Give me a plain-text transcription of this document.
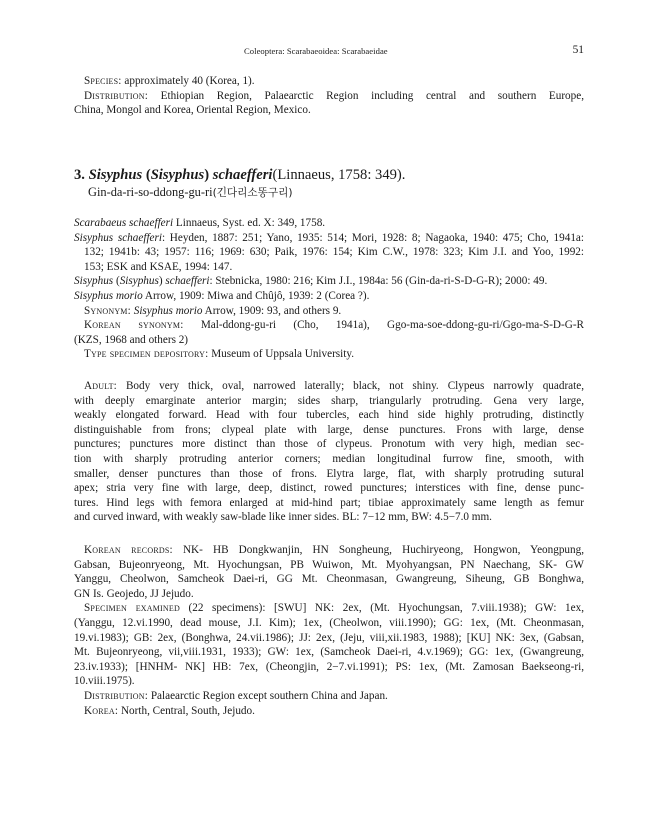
Coleoptera: Scarabaeoidea: Scarabaeidae	51
Species: approximately 40 (Korea, 1).
Distribution: Ethiopian Region, Palaearctic Region including central and southern Europe,
China, Mongol and Korea, Oriental Region, Mexico.
3. Sisyphus (Sisyphus) schaefferi(Linnaeus, 1758: 349).
Gin-da-ri-so-ddong-gu-ri(긴다리소똥구리)
Scarabaeus schaefferi Linnaeus, Syst. ed. X: 349, 1758.
Sisyphus schaefferi: Heyden, 1887: 251; Yano, 1935: 514; Mori, 1928: 8; Nagaoka, 1940: 475; Cho, 1941a:
132; 1941b: 43; 1957: 116; 1969: 630; Paik, 1976: 154; Kim C.W., 1978: 323; Kim J.I. and Yoo, 1992:
153; ESK and KSAE, 1994: 147.
Sisyphus (Sisyphus) schaefferi: Stebnicka, 1980: 216; Kim J.I., 1984a: 56 (Gin-da-ri-S-D-G-R); 2000: 49.
Sisyphus morio Arrow, 1909: Miwa and Chûjô, 1939: 2 (Corea ?).
Synonym: Sisyphus morio Arrow, 1909: 93, and others 9.
Korean synonym: Mal-ddong-gu-ri (Cho, 1941a), Ggo-ma-soe-ddong-gu-ri/Ggo-ma-S-D-G-R
(KZS, 1968 and others 2)
Type specimen depository: Museum of Uppsala University.
Adult: Body very thick, oval, narrowed laterally; black, not shiny. Clypeus narrowly quadrate,
with deeply emarginate anterior margin; sides sharp, triangularly protruding. Gena very large,
weakly elongated forward. Head with four tubercles, each hind side highly protruding, distinctly
distinguishable from frons; clypeal plate with large, dense punctures. Frons with large, dense
punctures; punctures more distinct than those of clypeus. Pronotum with very high, median sec-
tion with sharply protruding anterior corners; median longitudinal furrow fine, smooth, with
smaller, denser punctures than those of frons. Elytra large, flat, with sharply protruding sutural
apex; stria very fine with large, deep, distinct, rowed punctures; interstices with fine, dense punc-
tures. Hind legs with femora enlarged at mid-hind part; tibiae approximately same length as femur
and curved inward, with weakly saw-blade like inner sides. BL: 7−12 mm, BW: 4.5−7.0 mm.
Korean records: NK- HB Dongkwanjin, HN Songheung, Huchiryeong, Hongwon, Yeongpung,
Gabsan, Bujeonryeong, Mt. Hyochungsan, PB Wuiwon, Mt. Myohyangsan, PN Naechang, SK- GW
Yanggu, Cheolwon, Samcheok Daei-ri, GG Mt. Cheonmasan, Gwangreung, Siheung, GB Bonghwa,
GN Is. Geojedo, JJ Jejudo.
Specimen examined (22 specimens): [SWU] NK: 2ex, (Mt. Hyochungsan, 7.viii.1938); GW: 1ex,
(Yanggu, 12.vi.1990, dead mouse, J.I. Kim); 1ex, (Cheolwon, viii.1990); GG: 1ex, (Mt. Cheonmasan,
19.vi.1983); GB: 2ex, (Bonghwa, 24.vii.1986); JJ: 2ex, (Jeju, viii,xii.1983, 1988); [KU] NK: 3ex, (Gabsan,
Mt. Bujeonryeong, vii,viii.1931, 1933); GW: 1ex, (Samcheok Daei-ri, 4.v.1969); GG: 1ex, (Gwangreung,
23.iv.1933); [HNHM- NK] HB: 7ex, (Cheongjin, 2−7.vi.1991); PS: 1ex, (Mt. Zamosan Baekseong-ri,
10.viii.1975).
Distribution: Palaearctic Region except southern China and Japan.
Korea: North, Central, South, Jejudo.
